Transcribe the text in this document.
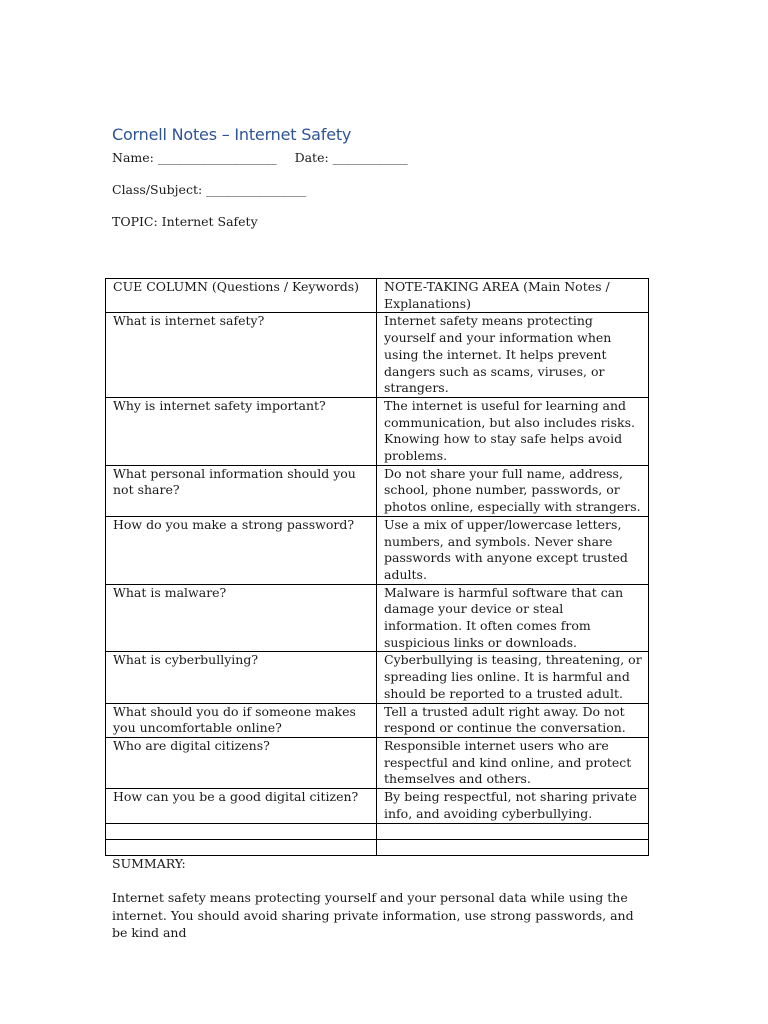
Cornell Notes – Internet Safety
Name: ___________________ Date: ____________
Class/Subject: ________________
TOPIC: Internet Safety
CUE COLUMN (Questions / Keywords)	NOTE-TAKING AREA (Main Notes / Explanations)
What is internet safety?	Internet safety means protecting yourself and your information when using the internet. It helps prevent dangers such as scams, viruses, or strangers.
Why is internet safety important?	The internet is useful for learning and communication, but also includes risks. Knowing how to stay safe helps avoid problems.
What personal information should you not share?	Do not share your full name, address, school, phone number, passwords, or photos online, especially with strangers.
How do you make a strong password?	Use a mix of upper/lowercase letters, numbers, and symbols. Never share passwords with anyone except trusted adults.
What is malware?	Malware is harmful software that can damage your device or steal information. It often comes from suspicious links or downloads.
What is cyberbullying?	Cyberbullying is teasing, threatening, or spreading lies online. It is harmful and should be reported to a trusted adult.
What should you do if someone makes you uncomfortable online?	Tell a trusted adult right away. Do not respond or continue the conversation.
Who are digital citizens?	Responsible internet users who are respectful and kind online, and protect themselves and others.
How can you be a good digital citizen?	By being respectful, not sharing private info, and avoiding cyberbullying.

SUMMARY:
Internet safety means protecting yourself and your personal data while using the internet. You should avoid sharing private information, use strong passwords, and be kind and
